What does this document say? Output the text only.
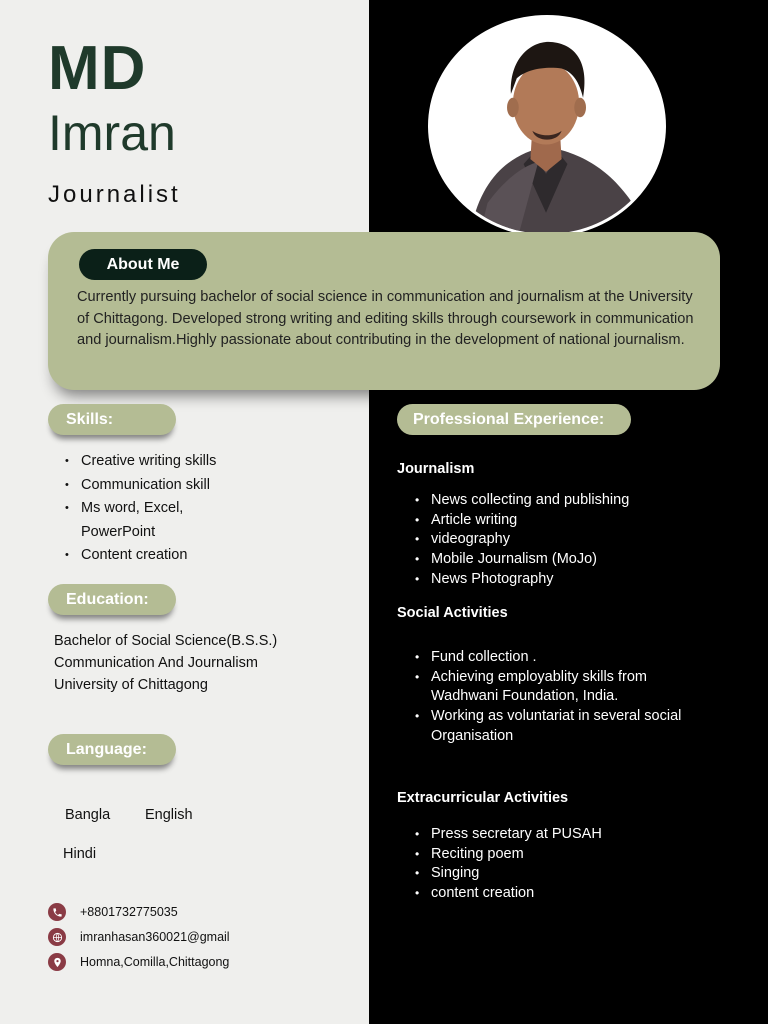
MD
Imran
Journalist
About Me

Currently pursuing bachelor of social science in communication and journalism at the University of Chittagong. Developed strong writing and editing skills through coursework in communication and journalism.Highly passionate about contributing in the development of national journalism.

Skills:
• Creative writing skills
• Communication skill
• Ms word, Excel, PowerPoint
• Content creation
Education:
Bachelor of Social Science(B.S.S.)
Communication And Journalism
University of Chittagong
Language:
Bangla English
Hindi
+8801732775035
imranhasan360021@gmail
Homna,Comilla,Chittagong
Professional Experience:
Journalism
• News collecting and publishing
• Article writing
• videography
• Mobile Journalism (MoJo)
• News Photography
Social Activities
• Fund collection .
• Achieving employablity skills from Wadhwani Foundation, India.
• Working as voluntariat in several social Organisation
Extracurricular Activities
• Press secretary at PUSAH
• Reciting poem
• Singing
• content creation
